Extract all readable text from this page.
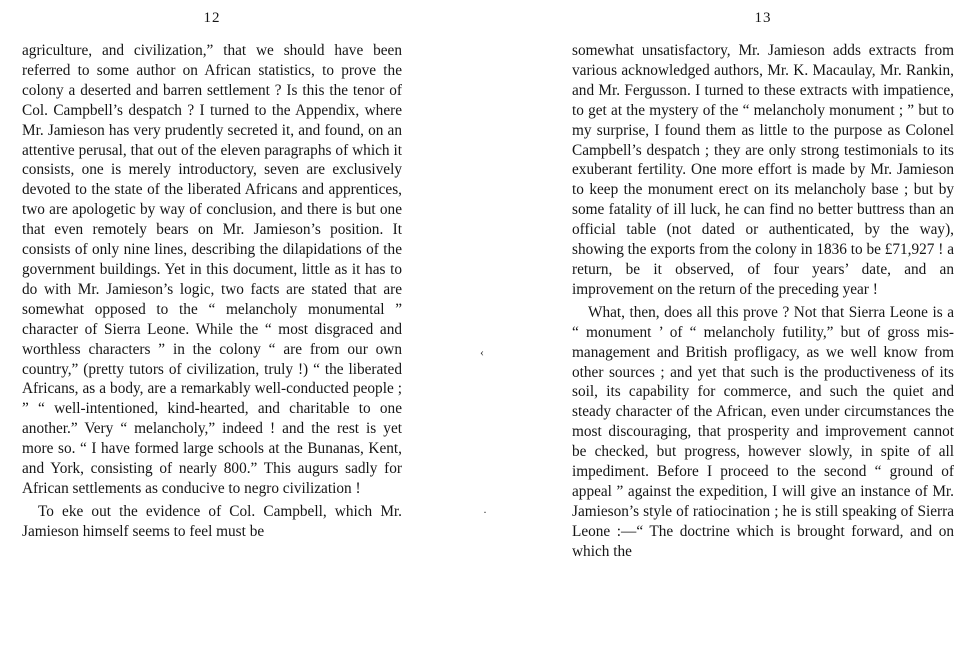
12

agriculture, and civilization,” that we should have been referred to some author on African statistics, to prove the colony a deserted and barren settlement ? Is this the tenor of Col. Campbell’s despatch ? I turned to the Appendix, where Mr. Jamieson has very prudently secreted it, and found, on an attentive perusal, that out of the eleven paragraphs of which it consists, one is merely introductory, seven are exclusively devoted to the state of the liberated Africans and apprentices, two are apologetic by way of conclusion, and there is but one that even remotely bears on Mr. Jamieson’s position. It consists of only nine lines, describing the dilapidations of the government buildings. Yet in this document, little as it has to do with Mr. Jamieson’s logic, two facts are stated that are somewhat opposed to the “ melancholy monumental ” character of Sierra Leone. While the “ most disgraced and worthless characters ” in the colony “ are from our own country,” (pretty tutors of civilization, truly !) “ the liberated Africans, as a body, are a remarkably well-conducted people ; ” “ well-intentioned, kind-hearted, and charitable to one another.” Very “ melancholy,” indeed ! and the rest is yet more so. “ I have formed large schools at the Bunanas, Kent, and York, consisting of nearly 800.” This augurs sadly for African settlements as conducive to negro civilization !

To eke out the evidence of Col. Campbell, which Mr. Jamieson himself seems to feel must be

‹
·

13

somewhat unsatisfactory, Mr. Jamieson adds extracts from various acknowledged authors, Mr. K. Macaulay, Mr. Rankin, and Mr. Fergusson. I turned to these extracts with impatience, to get at the mystery of the “ melancholy monument ; ” but to my surprise, I found them as little to the purpose as Colonel Campbell’s despatch ; they are only strong testimonials to its exuberant fertility. One more effort is made by Mr. Jamieson to keep the monument erect on its melancholy base ; but by some fatality of ill luck, he can find no better buttress than an official table (not dated or authenticated, by the way), showing the exports from the colony in 1836 to be £71,927 ! a return, be it observed, of four years’ date, and an improvement on the return of the preceding year !

What, then, does all this prove ? Not that Sierra Leone is a “ monument ’ of “ melancholy futility,” but of gross mis-management and British profligacy, as we well know from other sources ; and yet that such is the productiveness of its soil, its capability for commerce, and such the quiet and steady character of the African, even under circumstances the most discouraging, that prosperity and improvement cannot be checked, but progress, however slowly, in spite of all impediment. Before I proceed to the second “ ground of appeal ” against the expedition, I will give an instance of Mr. Jamieson’s style of ratiocination ; he is still speaking of Sierra Leone :—“ The doctrine which is brought forward, and on which the
